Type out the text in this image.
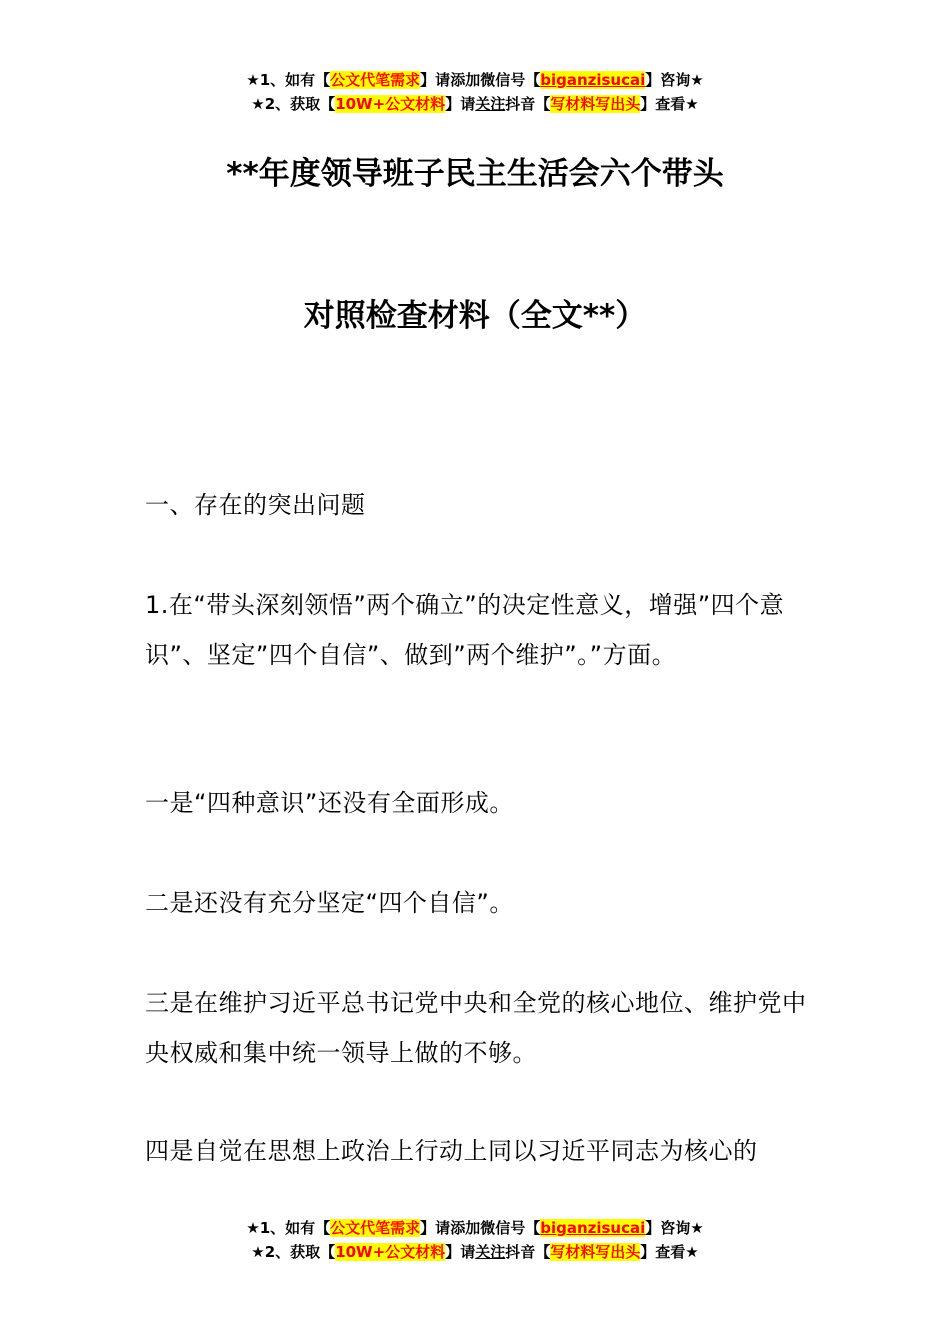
★1、如有【公文代笔需求】请添加微信号【biganzisucai】咨询★
★2、获取【10W+公文材料】请关注抖音【写材料写出头】查看★
**年度领导班子民主生活会六个带头
对照检查材料（全文**）
一、存在的突出问题
1.在“带头深刻领悟”两个确立”的决定性意义，增强”四个意识”、坚定”四个自信”、做到”两个维护”。”方面。
一是“四种意识”还没有全面形成。
二是还没有充分坚定“四个自信”。
三是在维护习近平总书记党中央和全党的核心地位、维护党中央权威和集中统一领导上做的不够。
四是自觉在思想上政治上行动上同以习近平同志为核心的
★1、如有【公文代笔需求】请添加微信号【biganzisucai】咨询★
★2、获取【10W+公文材料】请关注抖音【写材料写出头】查看★
